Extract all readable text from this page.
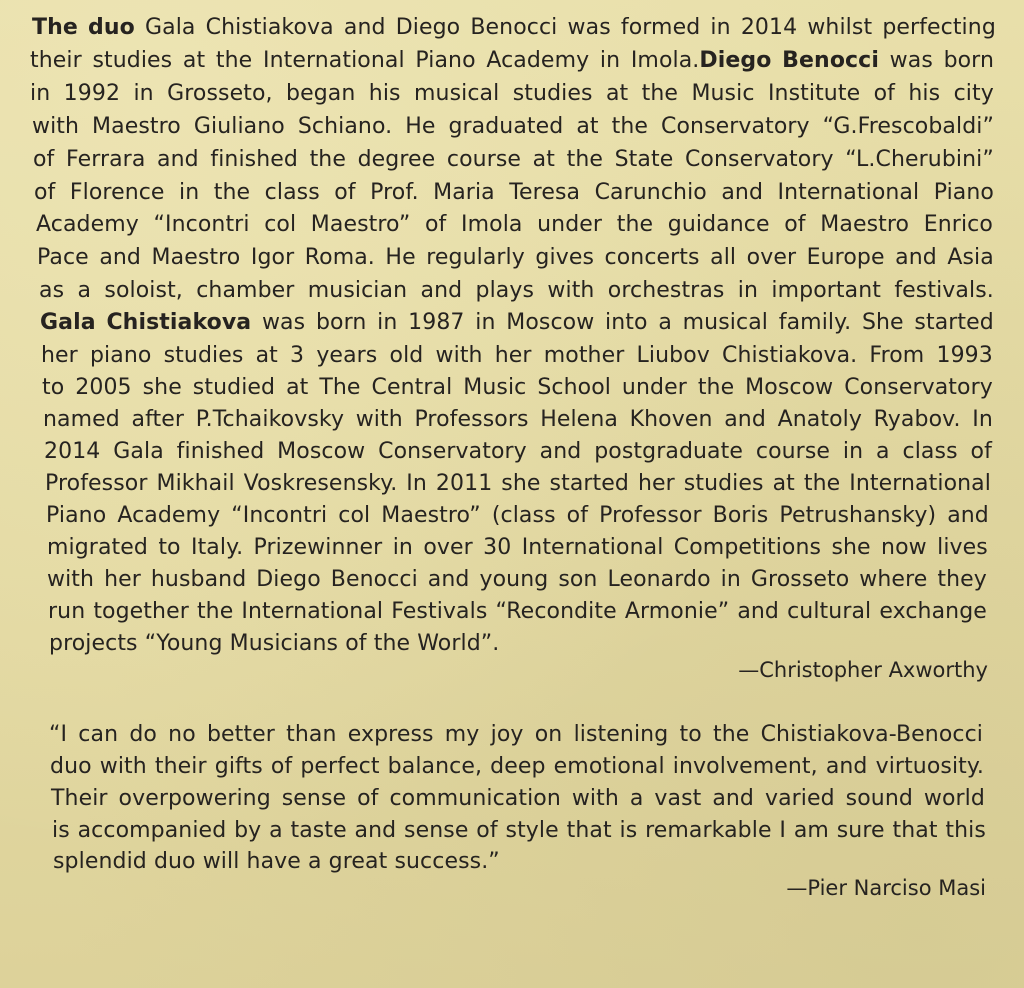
The duo Gala Chistiakova and Diego Benocci was formed in 2014 whilst perfecting
their studies at the International Piano Academy in Imola.Diego Benocci was born
in 1992 in Grosseto, began his musical studies at the Music Institute of his city
with Maestro Giuliano Schiano. He graduated at the Conservatory “G.Frescobaldi”
of Ferrara and finished the degree course at the State Conservatory “L.Cherubini”
of Florence in the class of Prof. Maria Teresa Carunchio and International Piano
Academy “Incontri col Maestro” of Imola under the guidance of Maestro Enrico
Pace and Maestro Igor Roma. He regularly gives concerts all over Europe and Asia
as a soloist, chamber musician and plays with orchestras in important festivals.
Gala Chistiakova was born in 1987 in Moscow into a musical family. She started
her piano studies at 3 years old with her mother Liubov Chistiakova. From 1993
to 2005 she studied at The Central Music School under the Moscow Conservatory
named after P.Tchaikovsky with Professors Helena Khoven and Anatoly Ryabov. In
2014 Gala finished Moscow Conservatory and postgraduate course in a class of
Professor Mikhail Voskresensky. In 2011 she started her studies at the International
Piano Academy “Incontri col Maestro” (class of Professor Boris Petrushansky) and
migrated to Italy. Prizewinner in over 30 International Competitions she now lives
with her husband Diego Benocci and young son Leonardo in Grosseto where they
run together the International Festivals “Recondite Armonie” and cultural exchange
projects “Young Musicians of the World”.
—Christopher Axworthy
“I can do no better than express my joy on listening to the Chistiakova-Benocci
duo with their gifts of perfect balance, deep emotional involvement, and virtuosity.
Their overpowering sense of communication with a vast and varied sound world
is accompanied by a taste and sense of style that is remarkable I am sure that this
splendid duo will have a great success.”
—Pier Narciso Masi
